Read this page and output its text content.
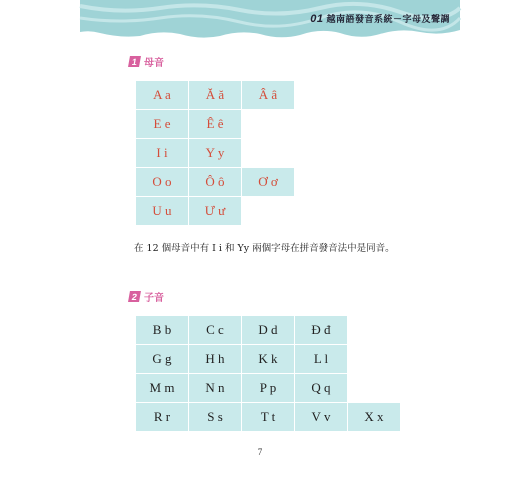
01 越南語發音系統－字母及聲調
1 母音
A a	Ă ă	Â â
E e	Ê ê
I i	Y y
O o	Ô ô	Ơ ơ
U u	Ư ư
在 12 個母音中有 I i 和 Yy 兩個字母在拼音發音法中是同音。
2 子音
B b	C c	D d	Đ đ
G g	H h	K k	L l
M m	N n	P p	Q q
R r	S s	T t	V v	X x
7
